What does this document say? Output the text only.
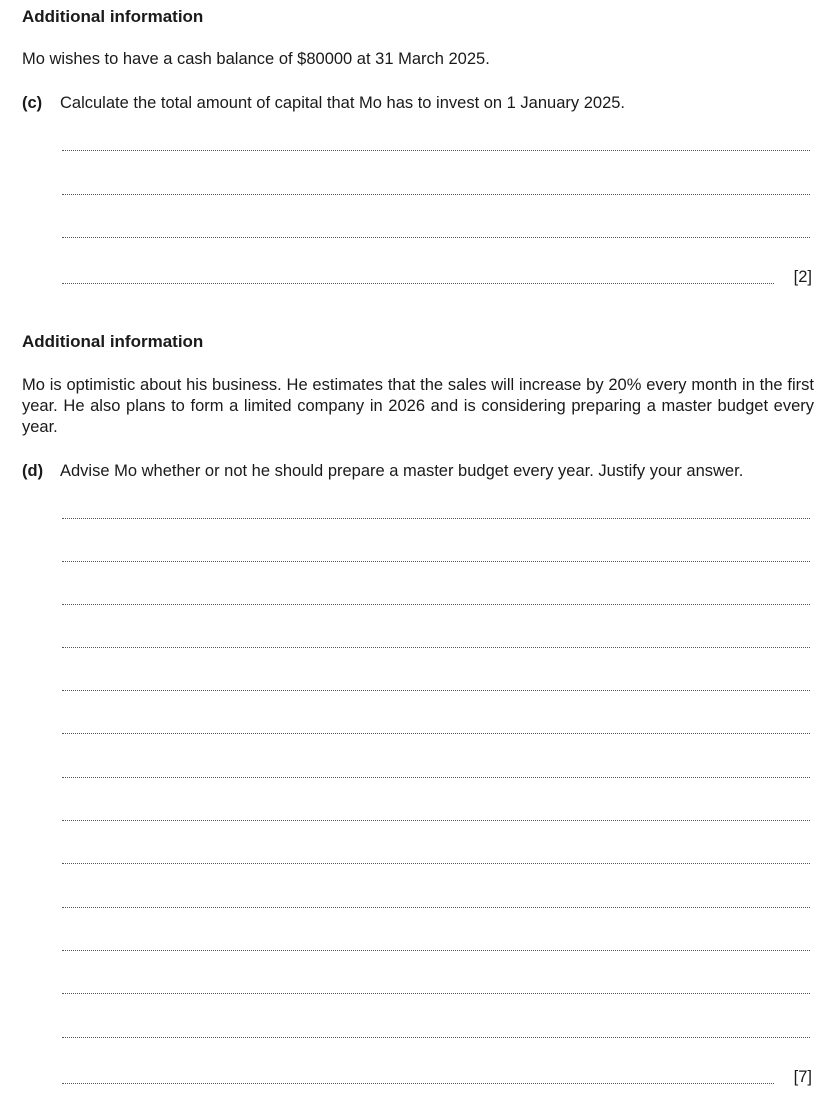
Additional information
Mo wishes to have a cash balance of $80000 at 31 March 2025.
(c) Calculate the total amount of capital that Mo has to invest on 1 January 2025.
[2]
Additional information
Mo is optimistic about his business. He estimates that the sales will increase by 20% every month in the first year. He also plans to form a limited company in 2026 and is considering preparing a master budget every year.
(d) Advise Mo whether or not he should prepare a master budget every year. Justify your answer.
[7]
